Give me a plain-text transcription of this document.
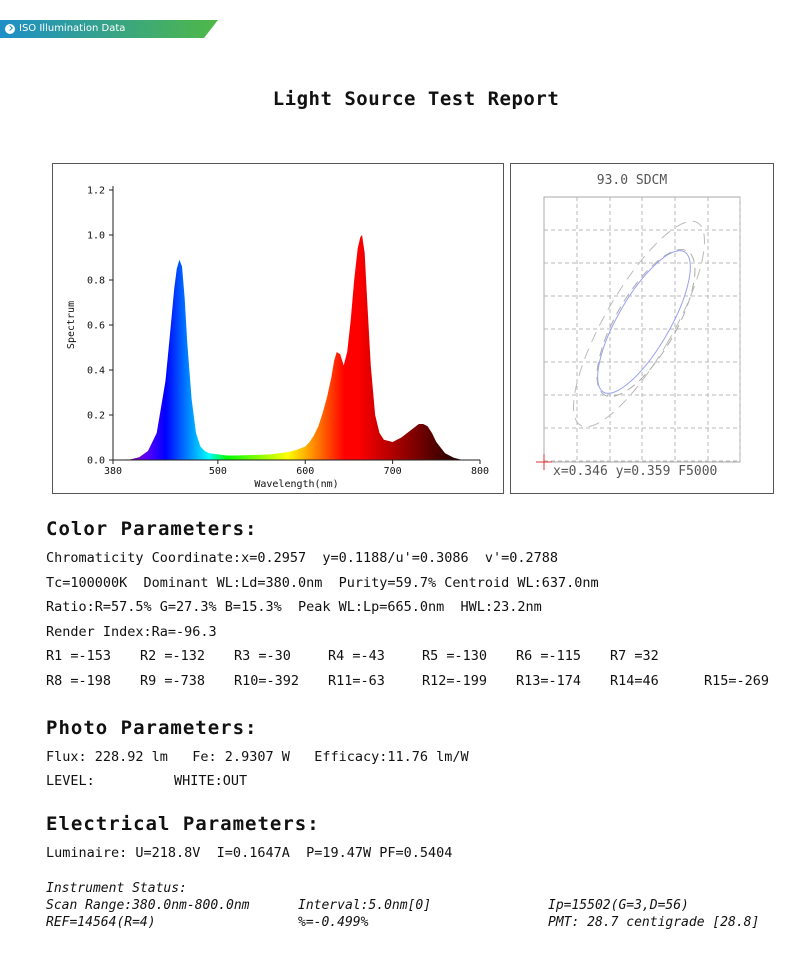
ISO Illumination Data
Light Source Test Report
0.0
0.2
0.4
0.6
0.8
1.0
1.2
380	500	600	700	800
Wavelength(nm)
Spectrum
93.0 SDCM
x=0.346 y=0.359 F5000
Color Parameters:
Chromaticity Coordinate:x=0.2957  y=0.1188/u'=0.3086  v'=0.2788
Tc=100000K  Dominant WL:Ld=380.0nm  Purity=59.7% Centroid WL:637.0nm
Ratio:R=57.5% G=27.3% B=15.3%  Peak WL:Lp=665.0nm  HWL:23.2nm
Render Index:Ra=-96.3
R1 =-153 R2 =-132 R3 =-30	R4 =-43	R5 =-130 R6 =-115 R7 =32
R8 =-198 R9 =-738 R10=-392 R11=-63	R12=-199 R13=-174 R14=46	R15=-269
Photo Parameters:
Flux: 228.92 lm   Fe: 2.9307 W   Efficacy:11.76 lm/W
LEVEL:	WHITE:OUT
Electrical Parameters:
Luminaire: U=218.8V  I=0.1647A  P=19.47W PF=0.5404
Instrument Status:
Scan Range:380.0nm-800.0nm	Interval:5.0nm[0]	Ip=15502(G=3,D=56)
REF=14564(R=4)	%=-0.499%	PMT: 28.7 centigrade [28.8]
